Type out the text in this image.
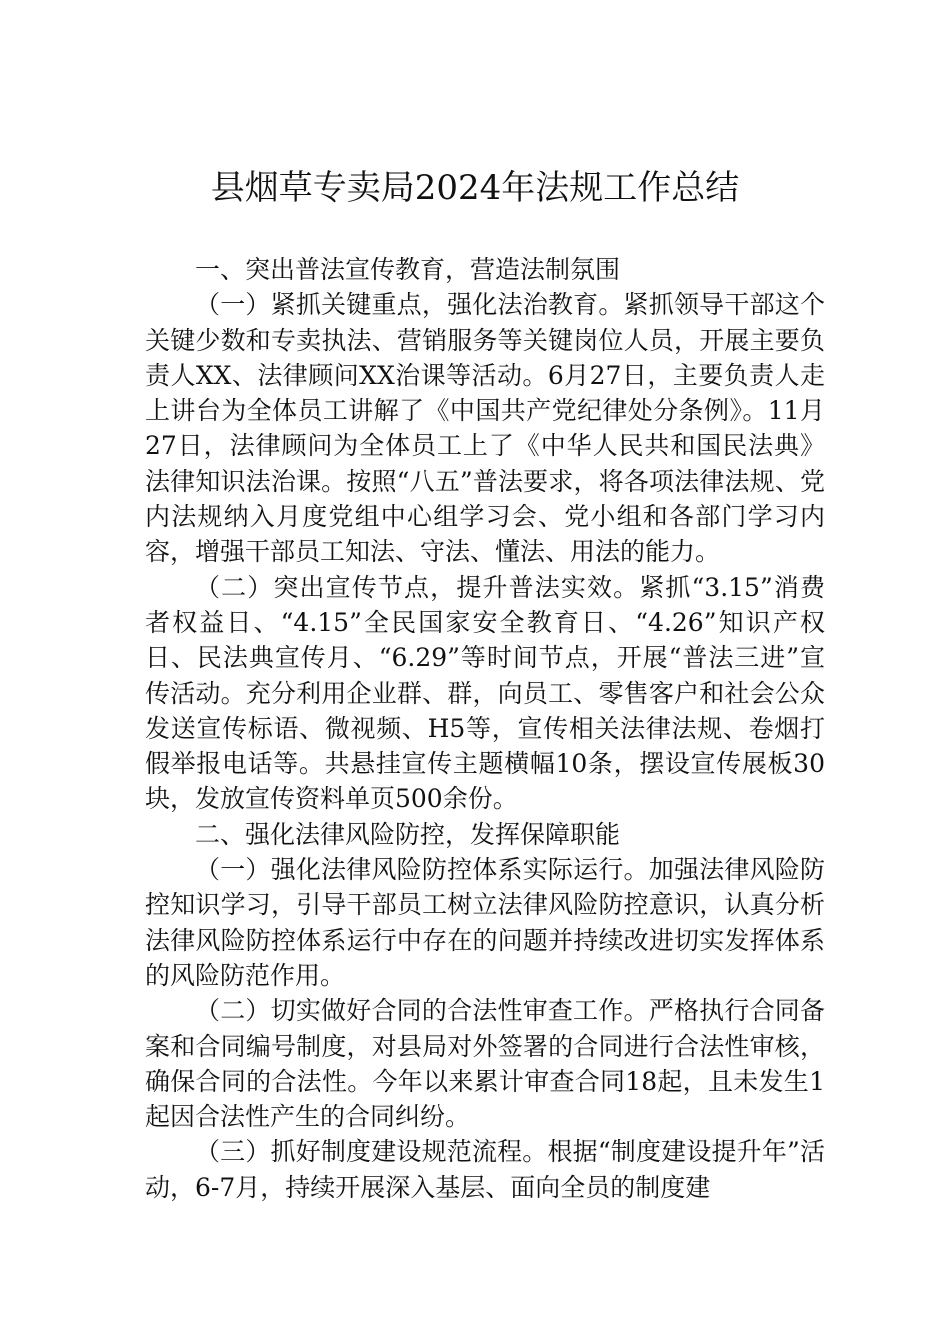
县烟草专卖局2024年法规工作总结

一、突出普法宣传教育，营造法制氛围

（一）紧抓关键重点，强化法治教育。紧抓领导干部这个关键少数和专卖执法、营销服务等关键岗位人员，开展主要负责人XX、法律顾问XX治课等活动。6月27日，主要负责人走上讲台为全体员工讲解了《中国共产党纪律处分条例》。11月27日，法律顾问为全体员工上了《中华人民共和国民法典》法律知识法治课。按照“八五”普法要求，将各项法律法规、党内法规纳入月度党组中心组学习会、党小组和各部门学习内容，增强干部员工知法、守法、懂法、用法的能力。

（二）突出宣传节点，提升普法实效。紧抓“3.15”消费者权益日、“4.15”全民国家安全教育日、“4.26”知识产权日、民法典宣传月、“6.29”等时间节点，开展“普法三进”宣传活动。充分利用企业群、群，向员工、零售客户和社会公众发送宣传标语、微视频、H5等，宣传相关法律法规、卷烟打假举报电话等。共悬挂宣传主题横幅10条，摆设宣传展板30块，发放宣传资料单页500余份。

二、强化法律风险防控，发挥保障职能

（一）强化法律风险防控体系实际运行。加强法律风险防控知识学习，引导干部员工树立法律风险防控意识，认真分析法律风险防控体系运行中存在的问题并持续改进切实发挥体系的风险防范作用。

（二）切实做好合同的合法性审查工作。严格执行合同备案和合同编号制度，对县局对外签署的合同进行合法性审核，确保合同的合法性。今年以来累计审查合同18起，且未发生1起因合法性产生的合同纠纷。

（三）抓好制度建设规范流程。根据“制度建设提升年”活动，6-7月，持续开展深入基层、面向全员的制度建
